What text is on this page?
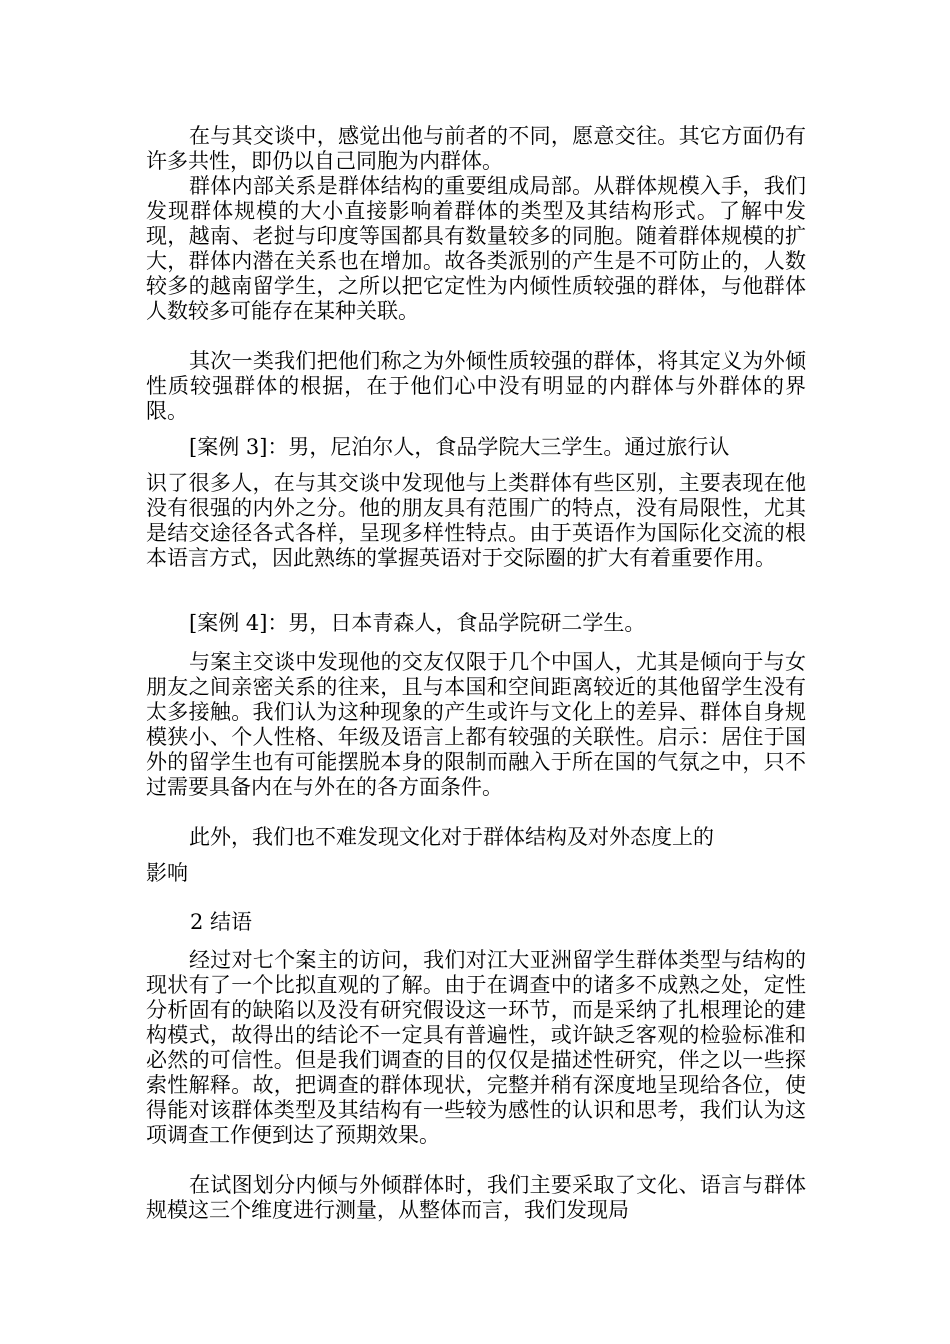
在与其交谈中，感觉出他与前者的不同，愿意交往。其它方面仍有许多共性，即仍以自己同胞为内群体。

群体内部关系是群体结构的重要组成局部。从群体规模入手，我们发现群体规模的大小直接影响着群体的类型及其结构形式。了解中发现，越南、老挝与印度等国都具有数量较多的同胞。随着群体规模的扩大，群体内潜在关系也在增加。故各类派别的产生是不可防止的，人数较多的越南留学生，之所以把它定性为内倾性质较强的群体，与他群体人数较多可能存在某种关联。

其次一类我们把他们称之为外倾性质较强的群体，将其定义为外倾性质较强群体的根据，在于他们心中没有明显的内群体与外群体的界限。

[案例 3]：男，尼泊尔人，食品学院大三学生。通过旅行认

识了很多人，在与其交谈中发现他与上类群体有些区别，主要表现在他没有很强的内外之分。他的朋友具有范围广的特点，没有局限性，尤其是结交途径各式各样，呈现多样性特点。由于英语作为国际化交流的根本语言方式，因此熟练的掌握英语对于交际圈的扩大有着重要作用。

[案例 4]：男，日本青森人，食品学院研二学生。

与案主交谈中发现他的交友仅限于几个中国人，尤其是倾向于与女朋友之间亲密关系的往来，且与本国和空间距离较近的其他留学生没有太多接触。我们认为这种现象的产生或许与文化上的差异、群体自身规模狭小、个人性格、年级及语言上都有较强的关联性。启示：居住于国外的留学生也有可能摆脱本身的限制而融入于所在国的气氛之中，只不过需要具备内在与外在的各方面条件。

此外，我们也不难发现文化对于群体结构及对外态度上的

影响

2 结语

经过对七个案主的访问，我们对江大亚洲留学生群体类型与结构的现状有了一个比拟直观的了解。由于在调查中的诸多不成熟之处，定性分析固有的缺陷以及没有研究假设这一环节，而是采纳了扎根理论的建构模式，故得出的结论不一定具有普遍性，或许缺乏客观的检验标准和必然的可信性。但是我们调查的目的仅仅是描述性研究，伴之以一些探索性解释。故，把调查的群体现状，完整并稍有深度地呈现给各位，使得能对该群体类型及其结构有一些较为感性的认识和思考，我们认为这项调查工作便到达了预期效果。

在试图划分内倾与外倾群体时，我们主要采取了文化、语言与群体规模这三个维度进行测量，从整体而言，我们发现局
